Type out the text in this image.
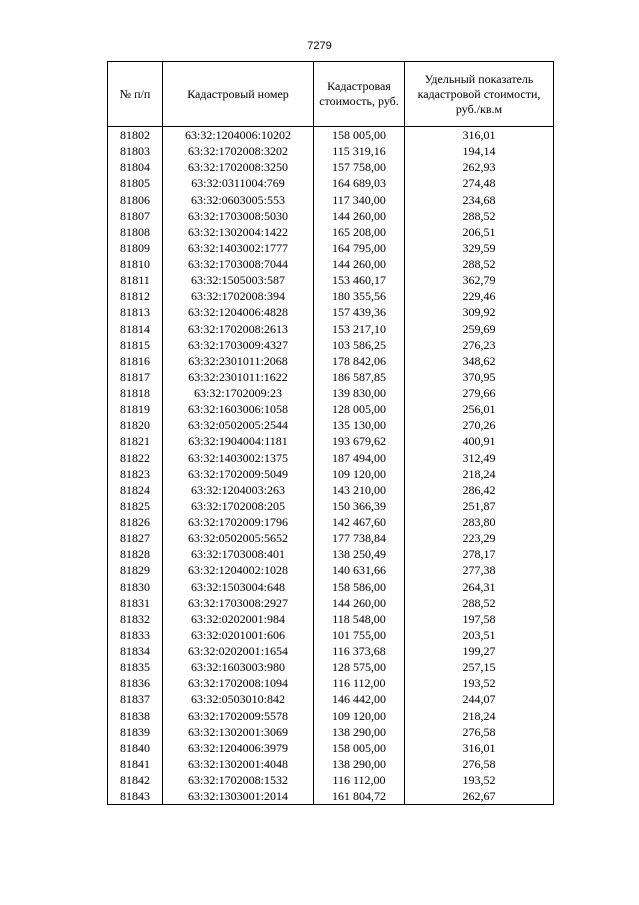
7279
№ п/п	Кадастровый номер	Кадастровая стоимость, руб.	Удельный показатель кадастровой стоимости, руб./кв.м
81802	63:32:1204006:10202	158 005,00	316,01
81803	63:32:1702008:3202	115 319,16	194,14
81804	63:32:1702008:3250	157 758,00	262,93
81805	63:32:0311004:769	164 689,03	274,48
81806	63:32:0603005:553	117 340,00	234,68
81807	63:32:1703008:5030	144 260,00	288,52
81808	63:32:1302004:1422	165 208,00	206,51
81809	63:32:1403002:1777	164 795,00	329,59
81810	63:32:1703008:7044	144 260,00	288,52
81811	63:32:1505003:587	153 460,17	362,79
81812	63:32:1702008:394	180 355,56	229,46
81813	63:32:1204006:4828	157 439,36	309,92
81814	63:32:1702008:2613	153 217,10	259,69
81815	63:32:1703009:4327	103 586,25	276,23
81816	63:32:2301011:2068	178 842,06	348,62
81817	63:32:2301011:1622	186 587,85	370,95
81818	63:32:1702009:23	139 830,00	279,66
81819	63:32:1603006:1058	128 005,00	256,01
81820	63:32:0502005:2544	135 130,00	270,26
81821	63:32:1904004:1181	193 679,62	400,91
81822	63:32:1403002:1375	187 494,00	312,49
81823	63:32:1702009:5049	109 120,00	218,24
81824	63:32:1204003:263	143 210,00	286,42
81825	63:32:1702008:205	150 366,39	251,87
81826	63:32:1702009:1796	142 467,60	283,80
81827	63:32:0502005:5652	177 738,84	223,29
81828	63:32:1703008:401	138 250,49	278,17
81829	63:32:1204002:1028	140 631,66	277,38
81830	63:32:1503004:648	158 586,00	264,31
81831	63:32:1703008:2927	144 260,00	288,52
81832	63:32:0202001:984	118 548,00	197,58
81833	63:32:0201001:606	101 755,00	203,51
81834	63:32:0202001:1654	116 373,68	199,27
81835	63:32:1603003:980	128 575,00	257,15
81836	63:32:1702008:1094	116 112,00	193,52
81837	63:32:0503010:842	146 442,00	244,07
81838	63:32:1702009:5578	109 120,00	218,24
81839	63:32:1302001:3069	138 290,00	276,58
81840	63:32:1204006:3979	158 005,00	316,01
81841	63:32:1302001:4048	138 290,00	276,58
81842	63:32:1702008:1532	116 112,00	193,52
81843	63:32:1303001:2014	161 804,72	262,67
